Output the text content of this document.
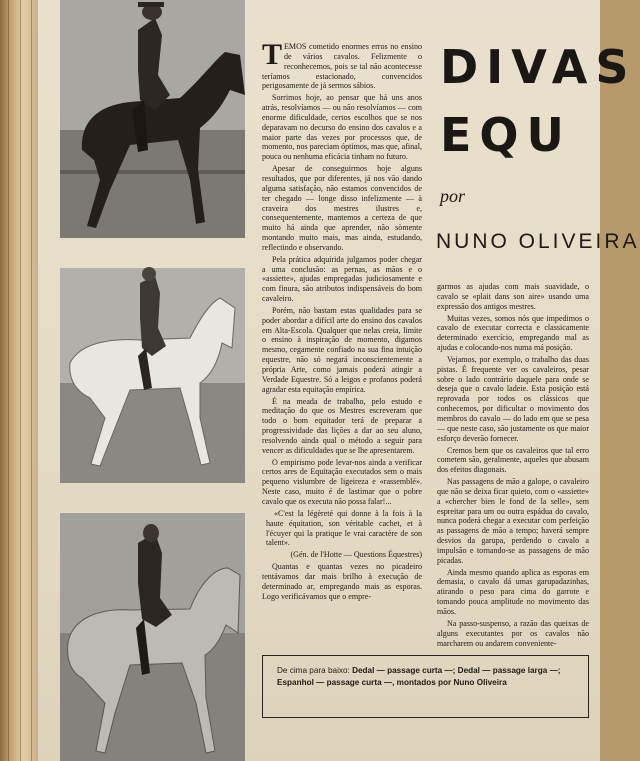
DIVAS
EQU
por
NUNO OLIVEIRA

TEMOS cometido enormes erros no ensino de vários cavalos. Felizmente o reconhecemos, pois se tal não acontecesse teríamos estacionado, convencidos perigosamente de já sermos sábios.

Sorrimos hoje, ao pensar que há uns anos atrás, resolvíamos — ou não resolvíamos — com enorme dificuldade, certos escolhos que se nos deparavam no decurso do ensino dos cavalos e a maior parte das vezes por processos que, de momento, nos pareciam óptimos, mas que, afinal, pouca ou nenhuma eficácia tinham no futuro.

Apesar de conseguirmos hoje alguns resultados, que por diferentes, já nos vão dando alguma satisfação, não estamos convencidos de ter chegado — longe disso infelizmente — à craveira dos mestres ilustres e, consequentemente, mantemos a certeza de que muito há ainda que aprender, não sòmente montando muito mais, mas ainda, estudando, reflectindo e observando.

Pela prática adquirida julgamos poder chegar a uma conclusão: as pernas, as mãos e o «assiette», ajudas empregadas judiciosamente e com finura, são atributos indispensáveis do bom cavaleiro.

Porém, não bastam estas qualidades para se poder abordar a difícil arte do ensino dos cavalos em Alta-Escola. Qualquer que nelas creia, limite o ensino à inspiração de momento, digamos mesmo, cegamente confiado na sua fina intuição equestre, não só negará inconscientemente a própria Arte, como jamais poderá atingir a Verdade Equestre. Só a leigos e profanos poderá agradar esta equitação empírica.

É na meada de trabalho, pelo estudo e meditação do que os Mestres escreveram que todo o bom equitador terá de preparar a progressividade das lições a dar ao seu aluno, resolvendo ainda qual o método a seguir para vencer as dificuldades que se lhe apresentarem.

O empirismo pode levar-nos ainda a verificar certos ares de Equitação executados sem o mais pequeno vislumbre de ligeireza e «rassemblé». Neste caso, muito é de lastimar que o pobre cavalo que os executa não possa falar!...

«C'est la légèreté qui donne à la fois à la haute équitation, son véritable cachet, et à l'écuyer qui la pratique le vrai caractère de son talent».

(Gén. de l'Hotte — Questions Équestres)

Quantas e quantas vezes no picadeiro tentávamos dar mais brilho à execução de determinado ar, empregando mais as esporas. Logo verificávamos que o empre-

garmos as ajudas com mais suavidade, o cavalo se «plait dans son aire» usando uma expressão dos antigos mestres.

Muitas vezes, somos nós que impedimos o cavalo de executar correcta e classicamente determinado exercício, empregando mal as ajudas e colocando-nos numa má posição.

Vejamos, por exemplo, o trabalho das duas pistas. É frequente ver os cavaleiros, pesar sobre o lado contrário daquele para onde se deseja que o cavalo ladeie. Esta posição está reprovada por todos os clássicos que conhecemos, por dificultar o movimento dos membros do cavalo — do lado em que se pesa — que neste caso, são justamente os que maior esforço deverão fornecer.

Cremos bem que os cavaleiros que tal erro cometem são, geralmente, aqueles que abusam dos efeitos diagonais.

Nas passagens de mão a galope, o cavaleiro que não se deixa ficar quieto, com o «assiette» a «chercher bien le fond de la selle», sem espreitar para um ou outra espádua do cavalo, nunca poderá chegar a executar com perfeição as passagens de mão a tempo; haverá sempre desvios da garupa, perdendo o cavalo a impulsão e tornando-se as passagens de mão picadas.

Ainda mesmo quando aplica as esporas em demasia, o cavalo dá umas garupadazinhas, atirando o peso para cima do garrote e tomando pouca amplitude no movimento das mãos.

Na passo-suspenso, a razão das queixas de alguns executantes por os cavalos não marcharem ou andarem conveniente-

De cima para baixo: Dedal — passage curta —; Dedal — passage larga —; Espanhol — passage curta —, montados por Nuno Oliveira
